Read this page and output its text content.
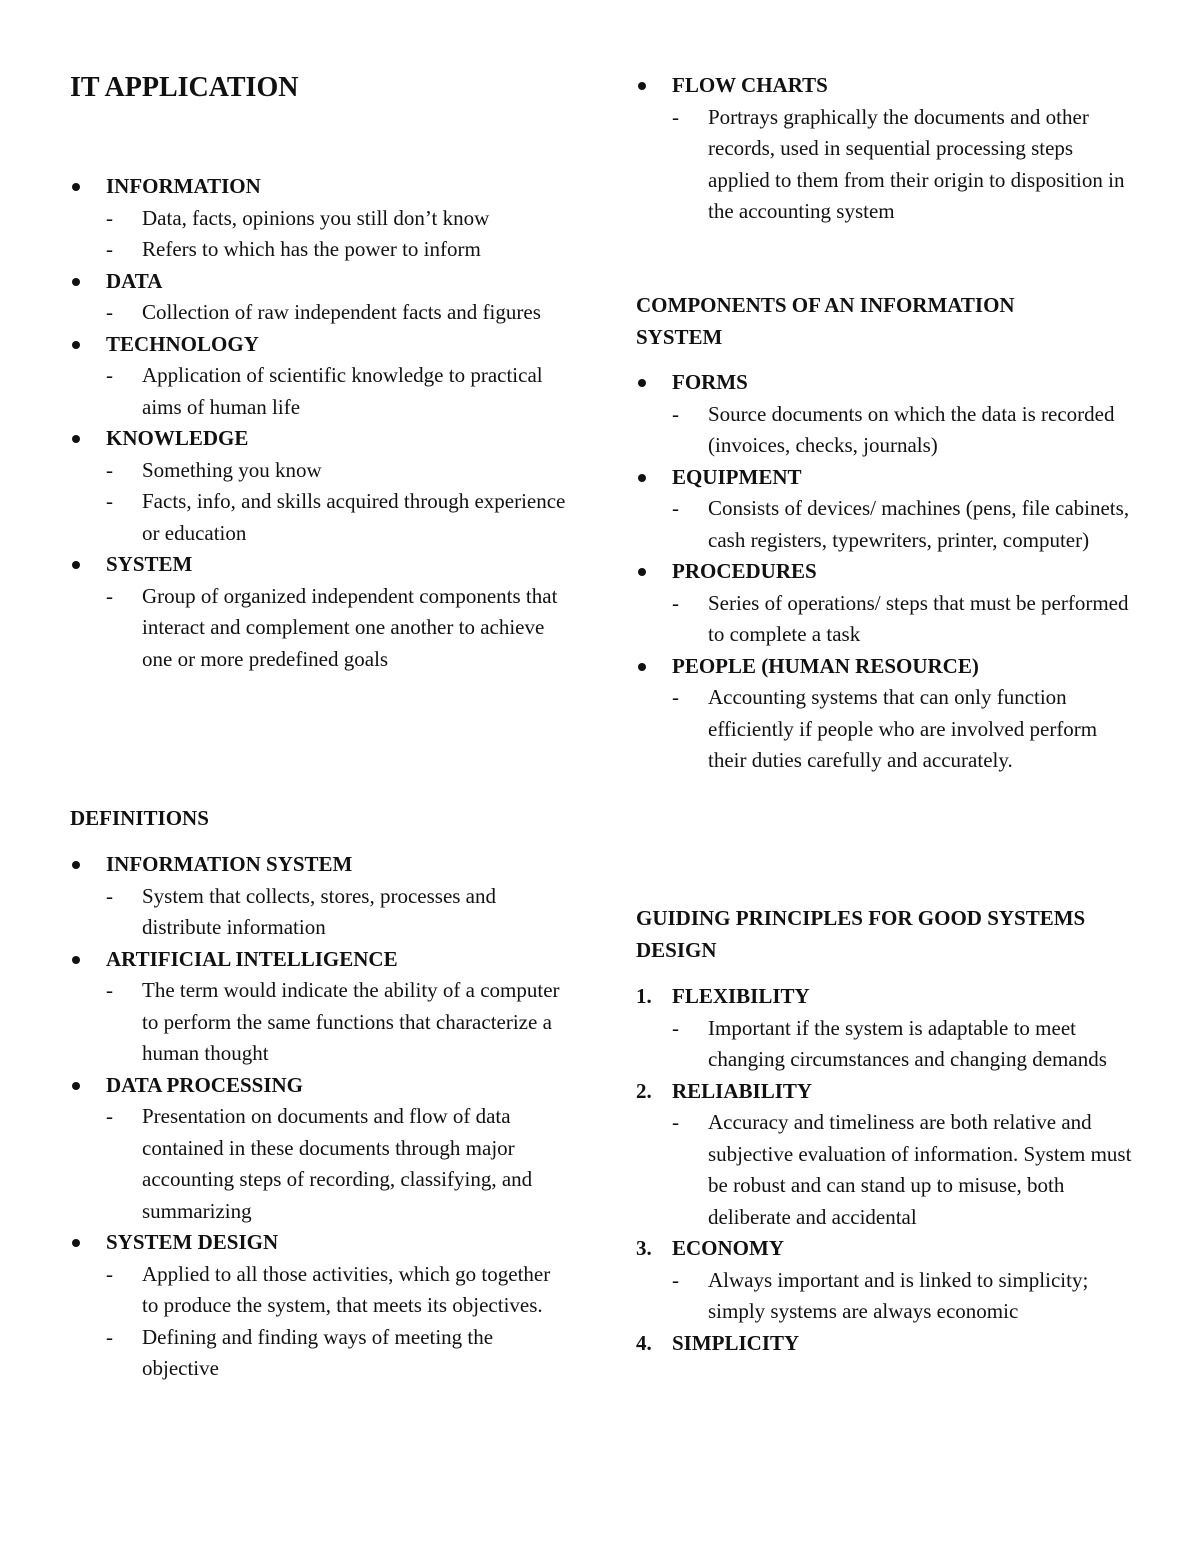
IT APPLICATION
INFORMATION
-	Data, facts, opinions you still don’t know
-	Refers to which has the power to inform
DATA
-	Collection of raw independent facts and figures
TECHNOLOGY
-	Application of scientific knowledge to practical aims of human life
KNOWLEDGE
-	Something you know
-	Facts, info, and skills acquired through experience or education
SYSTEM
-	Group of organized independent components that interact and complement one another to achieve one or more predefined goals
DEFINITIONS
INFORMATION SYSTEM
-	System that collects, stores, processes and distribute information
ARTIFICIAL INTELLIGENCE
-	The term would indicate the ability of a computer to perform the same functions that characterize a human thought
DATA PROCESSING
-	Presentation on documents and flow of data contained in these documents through major accounting steps of recording, classifying, and summarizing
SYSTEM DESIGN
-	Applied to all those activities, which go together to produce the system, that meets its objectives.
-	Defining and finding ways of meeting the objective
FLOW CHARTS
-	Portrays graphically the documents and other records, used in sequential processing steps applied to them from their origin to disposition in the accounting system
COMPONENTS OF AN INFORMATION SYSTEM
FORMS
-	Source documents on which the data is recorded (invoices, checks, journals)
EQUIPMENT
-	Consists of devices/ machines (pens, file cabinets, cash registers, typewriters, printer, computer)
PROCEDURES
-	Series of operations/ steps that must be performed to complete a task
PEOPLE (HUMAN RESOURCE)
-	Accounting systems that can only function efficiently if people who are involved perform their duties carefully and accurately.
GUIDING PRINCIPLES FOR GOOD SYSTEMS DESIGN
1. FLEXIBILITY
-	Important if the system is adaptable to meet changing circumstances and changing demands
2. RELIABILITY
-	Accuracy and timeliness are both relative and subjective evaluation of information. System must be robust and can stand up to misuse, both deliberate and accidental
3. ECONOMY
-	Always important and is linked to simplicity; simply systems are always economic
4. SIMPLICITY
